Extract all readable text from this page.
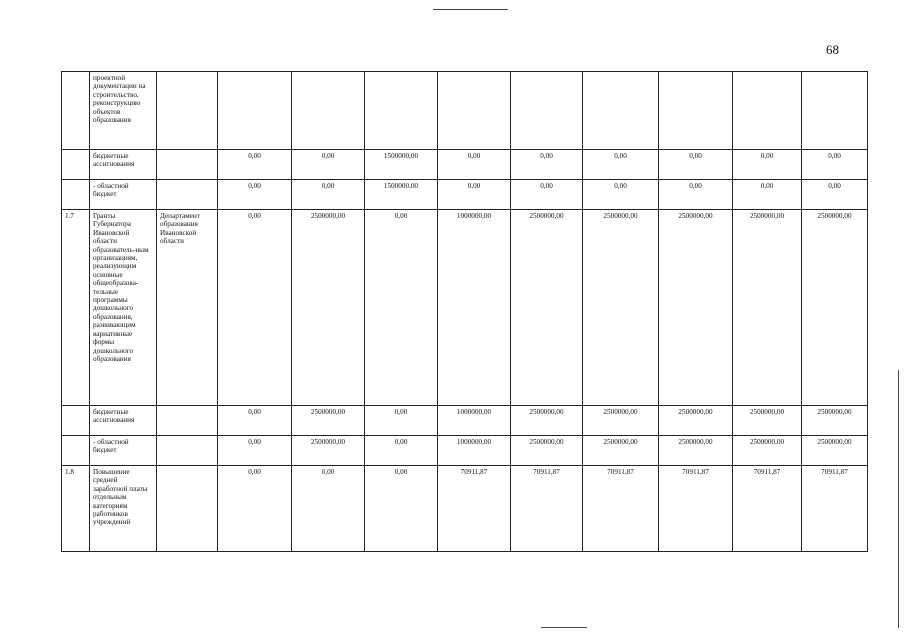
68
	проектной документации на строительство, реконструкцию объектов образования										
	бюджетные ассигнования		0,00	0,00	1500000,00	0,00	0,00	0,00	0,00	0,00	0,00
	- областной бюджет		0,00	0,00	1500000,00	0,00	0,00	0,00	0,00	0,00	0,00
1.7	Гранты Губернатора Ивановской области образователь-ным организациям, реализующим основные общеобразова-тельные программы дошкольного образования, развивающим вариативные формы дошкольного образования	Департамент образования Ивановской области	0,00	2500000,00	0,00	1000000,00	2500000,00	2500000,00	2500000,00	2500000,00	2500000,00
	бюджетные ассигнования		0,00	2500000,00	0,00	1000000,00	2500000,00	2500000,00	2500000,00	2500000,00	2500000,00
	- областной бюджет		0,00	2500000,00	0,00	1000000,00	2500000,00	2500000,00	2500000,00	2500000,00	2500000,00
1.8	Повышение средней заработной платы отдельным категориям работников учреждений		0,00	0,00	0,00	70911,87	70911,87	70911,87	70911,87	70911,87	70911,87
